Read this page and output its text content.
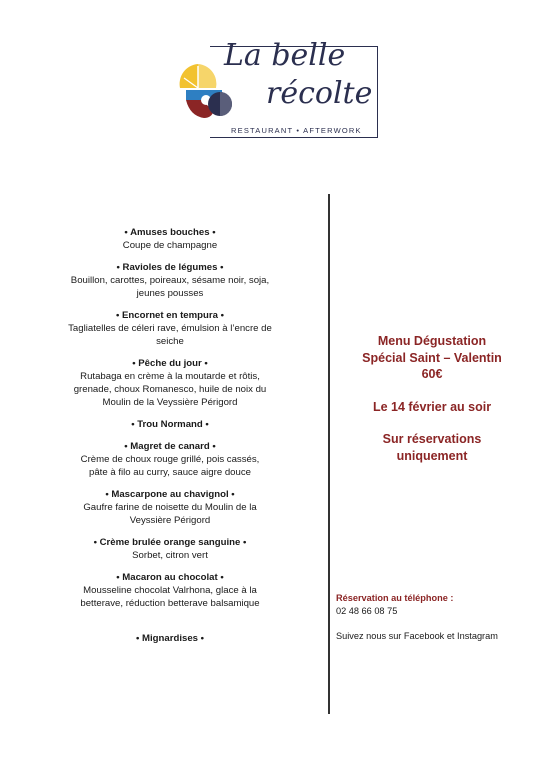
La belle
récolte
RESTAURANT • AFTERWORK
• Amuses bouches •
Coupe de champagne
• Ravioles de légumes •
Bouillon, carottes, poireaux, sésame noir, soja,
jeunes pousses
• Encornet en tempura •
Tagliatelles de céleri rave, émulsion à l’encre de
seiche
• Pêche du jour •
Rutabaga en crème à la moutarde et rôtis,
grenade, choux Romanesco, huile de noix du
Moulin de la Veyssière Périgord
• Trou Normand •
• Magret de canard •
Crème de choux rouge grillé, pois cassés,
pâte à filo au curry, sauce aigre douce
• Mascarpone au chavignol •
Gaufre farine de noisette du Moulin de la
Veyssière Périgord
• Crème brulée orange sanguine •
Sorbet, citron vert
• Macaron au chocolat •
Mousseline chocolat Valrhona, glace à la
betterave, réduction betterave balsamique
• Mignardises •

Menu Dégustation
Spécial Saint – Valentin
60€

Le 14 février au soir

Sur réservations
uniquement

Réservation au téléphone :
02 48 66 08 75
Suivez nous sur Facebook et Instagram
